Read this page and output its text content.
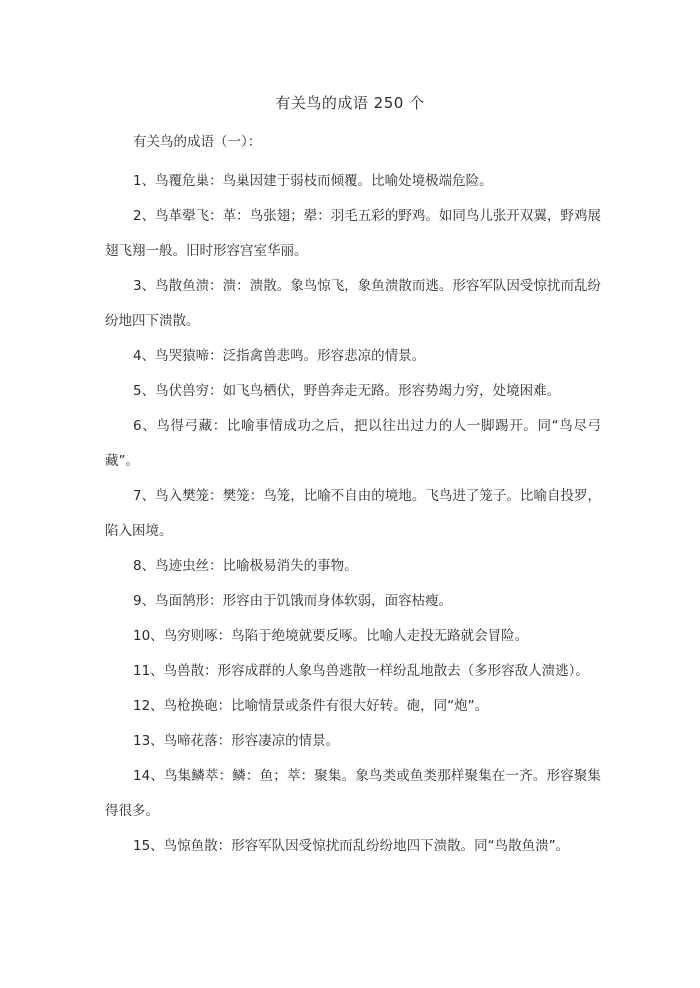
有关鸟的成语 250 个
有关鸟的成语（一）：

1、鸟覆危巢：鸟巢因建于弱枝而倾覆。比喻处境极端危险。

2、鸟革翚飞：革：鸟张翅；翚：羽毛五彩的野鸡。如同鸟儿张开双翼，野鸡展翅飞翔一般。旧时形容宫室华丽。

3、鸟散鱼溃：溃：溃散。象鸟惊飞，象鱼溃散而逃。形容军队因受惊扰而乱纷纷地四下溃散。

4、鸟哭猿啼：泛指禽兽悲鸣。形容悲凉的情景。

5、鸟伏兽穷：如飞鸟栖伏，野兽奔走无路。形容势竭力穷，处境困难。

6、鸟得弓藏：比喻事情成功之后，把以往出过力的人一脚踢开。同“鸟尽弓藏”。

7、鸟入樊笼：樊笼：鸟笼，比喻不自由的境地。飞鸟进了笼子。比喻自投罗，陷入困境。

8、鸟迹虫丝：比喻极易消失的事物。

9、鸟面鹄形：形容由于饥饿而身体软弱，面容枯瘦。

10、鸟穷则啄：鸟陷于绝境就要反啄。比喻人走投无路就会冒险。

11、鸟兽散：形容成群的人象鸟兽逃散一样纷乱地散去（多形容敌人溃逃）。

12、鸟枪换砲：比喻情景或条件有很大好转。砲，同“炮”。

13、鸟啼花落：形容凄凉的情景。

14、鸟集鳞萃：鳞：鱼；萃：聚集。象鸟类或鱼类那样聚集在一齐。形容聚集得很多。

15、鸟惊鱼散：形容军队因受惊扰而乱纷纷地四下溃散。同“鸟散鱼溃”。
